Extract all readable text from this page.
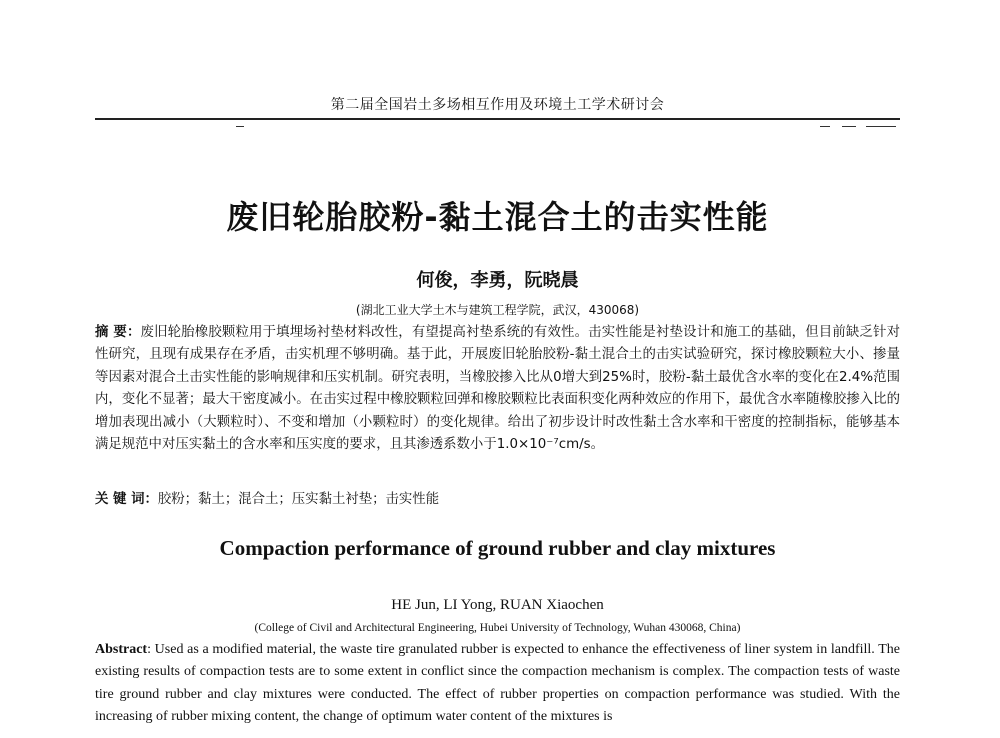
第二届全国岩土多场相互作用及环境土工学术研讨会
废旧轮胎胶粉-黏土混合土的击实性能
何俊，李勇，阮晓晨
(湖北工业大学土木与建筑工程学院，武汉，430068)
摘 要：废旧轮胎橡胶颗粒用于填埋场衬垫材料改性，有望提高衬垫系统的有效性。击实性能是衬垫设计和施工的基础，但目前缺乏针对性研究，且现有成果存在矛盾，击实机理不够明确。基于此，开展废旧轮胎胶粉-黏土混合土的击实试验研究，探讨橡胶颗粒大小、掺量等因素对混合土击实性能的影响规律和压实机制。研究表明，当橡胶掺入比从0增大到25%时，胶粉-黏土最优含水率的变化在2.4%范围内，变化不显著；最大干密度减小。在击实过程中橡胶颗粒回弹和橡胶颗粒比表面积变化两种效应的作用下，最优含水率随橡胶掺入比的增加表现出减小（大颗粒时）、不变和增加（小颗粒时）的变化规律。给出了初步设计时改性黏土含水率和干密度的控制指标，能够基本满足规范中对压实黏土的含水率和压实度的要求，且其渗透系数小于1.0×10⁻⁷cm/s。
关 键 词：胶粉；黏土；混合土；压实黏土衬垫；击实性能
Compaction performance of ground rubber and clay mixtures
HE Jun, LI Yong, RUAN Xiaochen
(College of Civil and Architectural Engineering, Hubei University of Technology, Wuhan 430068, China)
Abstract: Used as a modified material, the waste tire granulated rubber is expected to enhance the effectiveness of liner system in landfill. The existing results of compaction tests are to some extent in conflict since the compaction mechanism is complex. The compaction tests of waste tire ground rubber and clay mixtures were conducted. The effect of rubber properties on compaction performance was studied. With the increasing of rubber mixing content, the change of optimum water content of the mixtures is
